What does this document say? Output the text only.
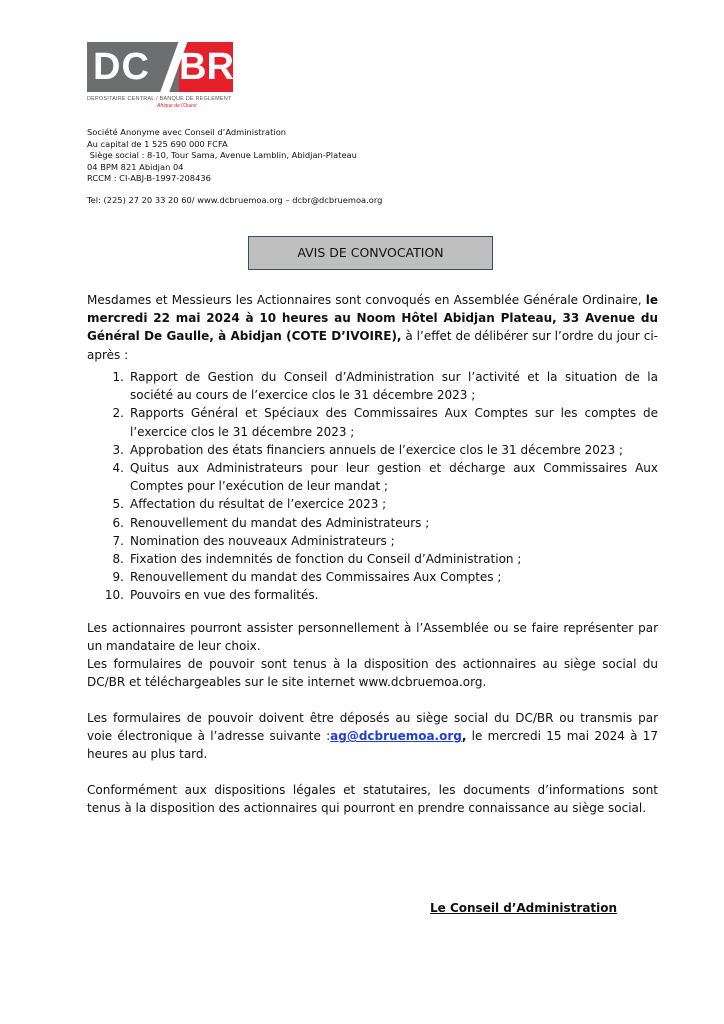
DC BR
DEPOSITAIRE CENTRAL / BANQUE DE REGLEMENT
Afrique de l'Ouest
Société Anonyme avec Conseil d’Administration
Au capital de 1 525 690 000 FCFA
Siège social : 8-10, Tour Sama, Avenue Lamblin, Abidjan-Plateau
04 BPM 821 Abidjan 04
RCCM : CI-ABJ-B-1997-208436
Tel: (225) 27 20 33 20 60/ www.dcbruemoa.org – dcbr@dcbruemoa.org
AVIS DE CONVOCATION

Mesdames et Messieurs les Actionnaires sont convoqués en Assemblée Générale Ordinaire, le mercredi 22 mai 2024 à 10 heures au Noom Hôtel Abidjan Plateau, 33 Avenue du Général De Gaulle, à Abidjan (COTE D’IVOIRE), à l’effet de délibérer sur l’ordre du jour ci-après :

1. Rapport de Gestion du Conseil d’Administration sur l’activité et la situation de la société au cours de l’exercice clos le 31 décembre 2023 ;
2. Rapports Général et Spéciaux des Commissaires Aux Comptes sur les comptes de l’exercice clos le 31 décembre 2023 ;
3. Approbation des états financiers annuels de l’exercice clos le 31 décembre 2023 ;
4. Quitus aux Administrateurs pour leur gestion et décharge aux Commissaires Aux Comptes pour l’exécution de leur mandat ;
5. Affectation du résultat de l’exercice 2023 ;
6. Renouvellement du mandat des Administrateurs ;
7. Nomination des nouveaux Administrateurs ;
8. Fixation des indemnités de fonction du Conseil d’Administration ;
9. Renouvellement du mandat des Commissaires Aux Comptes ;
10. Pouvoirs en vue des formalités.

Les actionnaires pourront assister personnellement à l’Assemblée ou se faire représenter par un mandataire de leur choix.

Les formulaires de pouvoir sont tenus à la disposition des actionnaires au siège social du DC/BR et téléchargeables sur le site internet www.dcbruemoa.org.

Les formulaires de pouvoir doivent être déposés au siège social du DC/BR ou transmis par voie électronique à l’adresse suivante :ag@dcbruemoa.org, le mercredi 15 mai 2024 à 17 heures au plus tard.

Conformément aux dispositions légales et statutaires, les documents d’informations sont tenus à la disposition des actionnaires qui pourront en prendre connaissance au siège social.

Le Conseil d’Administration
